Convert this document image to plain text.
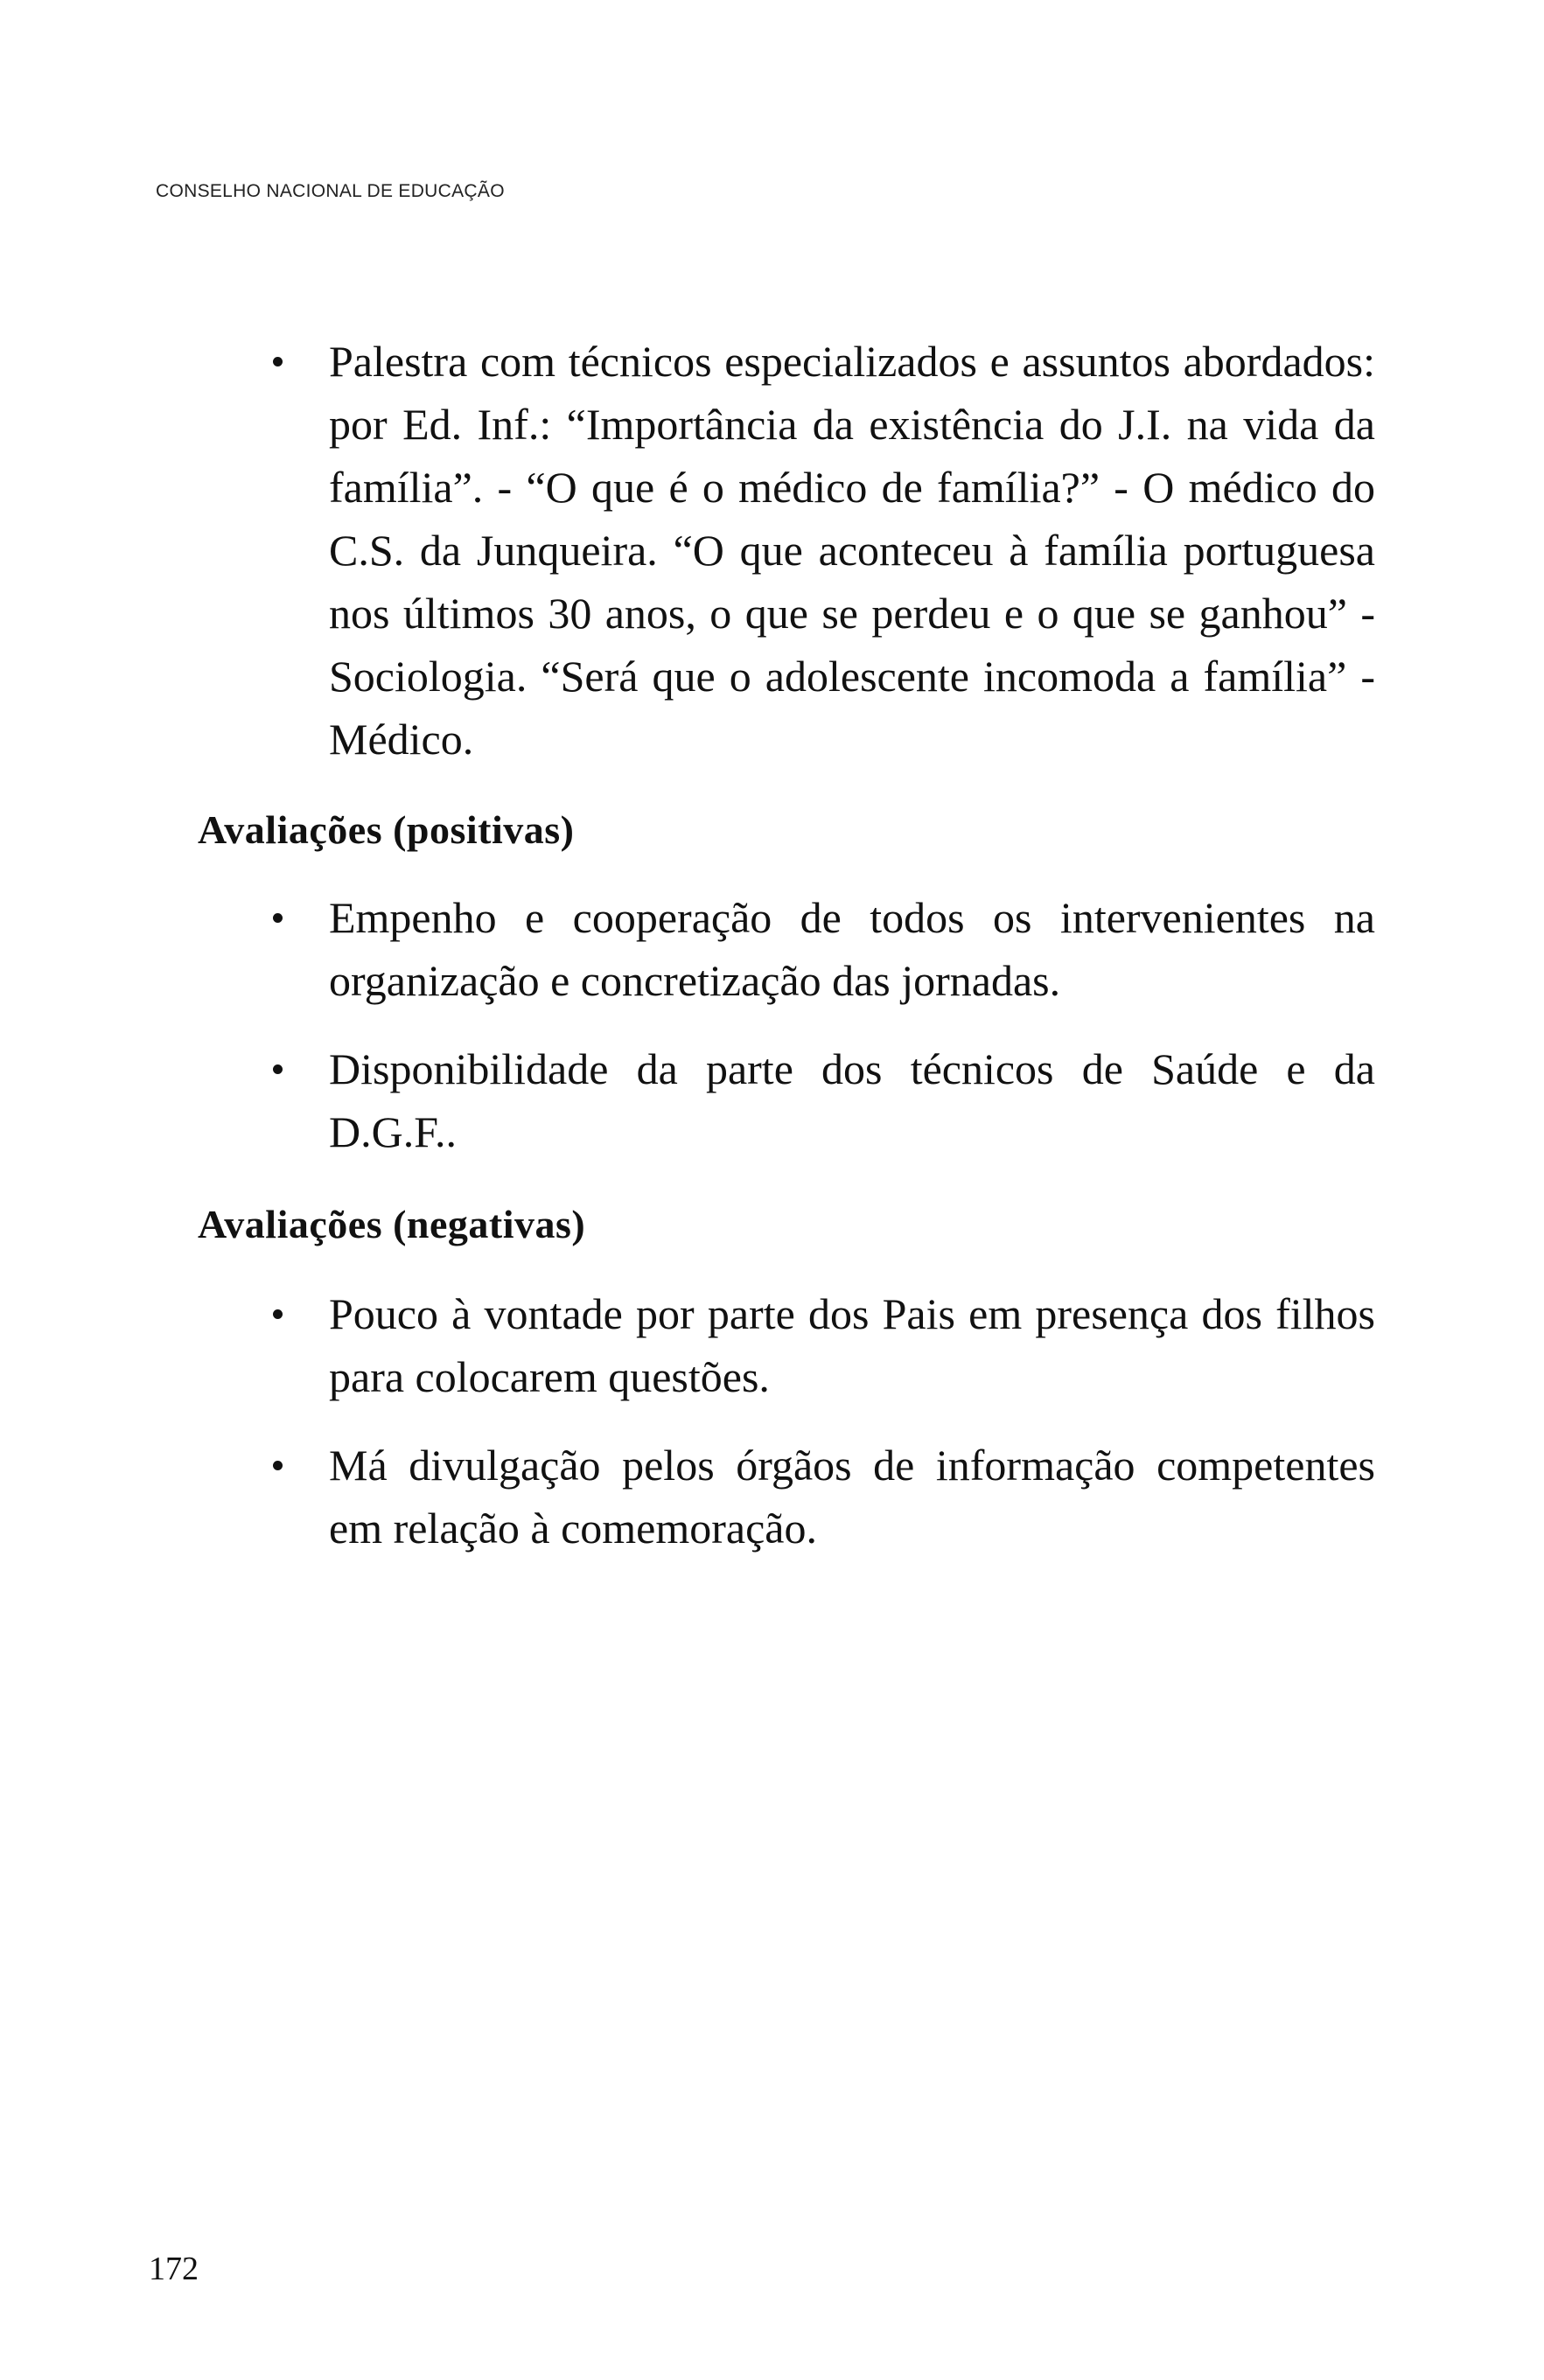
CONSELHO NACIONAL DE EDUCAÇÃO
Palestra com técnicos especializados e assuntos abordados: por Ed. Inf.: “Importância da existência do J.I. na vida da família”. - “O que é o médico de família?” - O médico do C.S. da Junqueira. “O que aconteceu à família portuguesa nos últimos 30 anos, o que se perdeu e o que se ganhou” - Sociologia. “Será que o adolescente incomoda a família” - Médico.
Avaliações (positivas)
Empenho e cooperação de todos os intervenientes na organização e concretização das jornadas.
Disponibilidade da parte dos técnicos de Saúde e da D.G.F..
Avaliações (negativas)
Pouco à vontade por parte dos Pais em presença dos filhos para colocarem questões.
Má divulgação pelos órgãos de informação competentes em relação à comemoração.
172
